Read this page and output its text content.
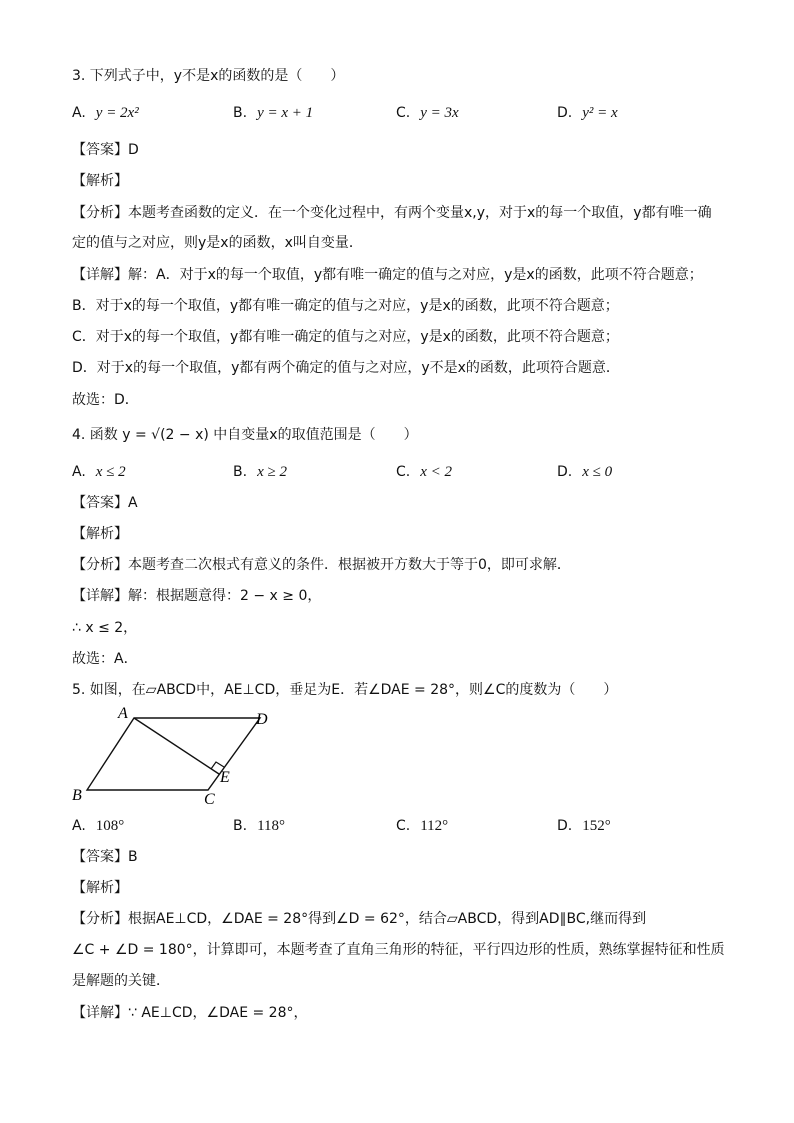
3. 下列式子中，y不是x的函数的是（　　）
A. y = 2x²	B. y = x + 1	C. y = 3x	D. y² = x
【答案】D
【解析】
【分析】本题考查函数的定义．在一个变化过程中，有两个变量x,y，对于x的每一个取值，y都有唯一确
定的值与之对应，则y是x的函数，x叫自变量．
【详解】解：A．对于x的每一个取值，y都有唯一确定的值与之对应，y是x的函数，此项不符合题意；
B．对于x的每一个取值，y都有唯一确定的值与之对应，y是x的函数，此项不符合题意；
C．对于x的每一个取值，y都有唯一确定的值与之对应，y是x的函数，此项不符合题意；
D．对于x的每一个取值，y都有两个确定的值与之对应，y不是x的函数，此项符合题意．
故选：D．
4. 函数 y = √(2 − x) 中自变量x的取值范围是（　　）
A. x ≤ 2	B. x ≥ 2	C. x < 2	D. x ≤ 0
【答案】A
【解析】
【分析】本题考查二次根式有意义的条件．根据被开方数大于等于0，即可求解．
【详解】解：根据题意得：2 − x ≥ 0，
∴ x ≤ 2，
故选：A．
5. 如图，在▱ABCD中，AE⊥CD，垂足为E．若∠DAE = 28°，则∠C的度数为（　　）
A	D
B	C
E
A. 108°	B. 118°	C. 112°	D. 152°
【答案】B
【解析】
【分析】根据AE⊥CD，∠DAE = 28°得到∠D = 62°，结合▱ABCD，得到AD∥BC,继而得到
∠C + ∠D = 180°，计算即可，本题考查了直角三角形的特征，平行四边形的性质，熟练掌握特征和性质
是解题的关键．
【详解】∵ AE⊥CD，∠DAE = 28°，
